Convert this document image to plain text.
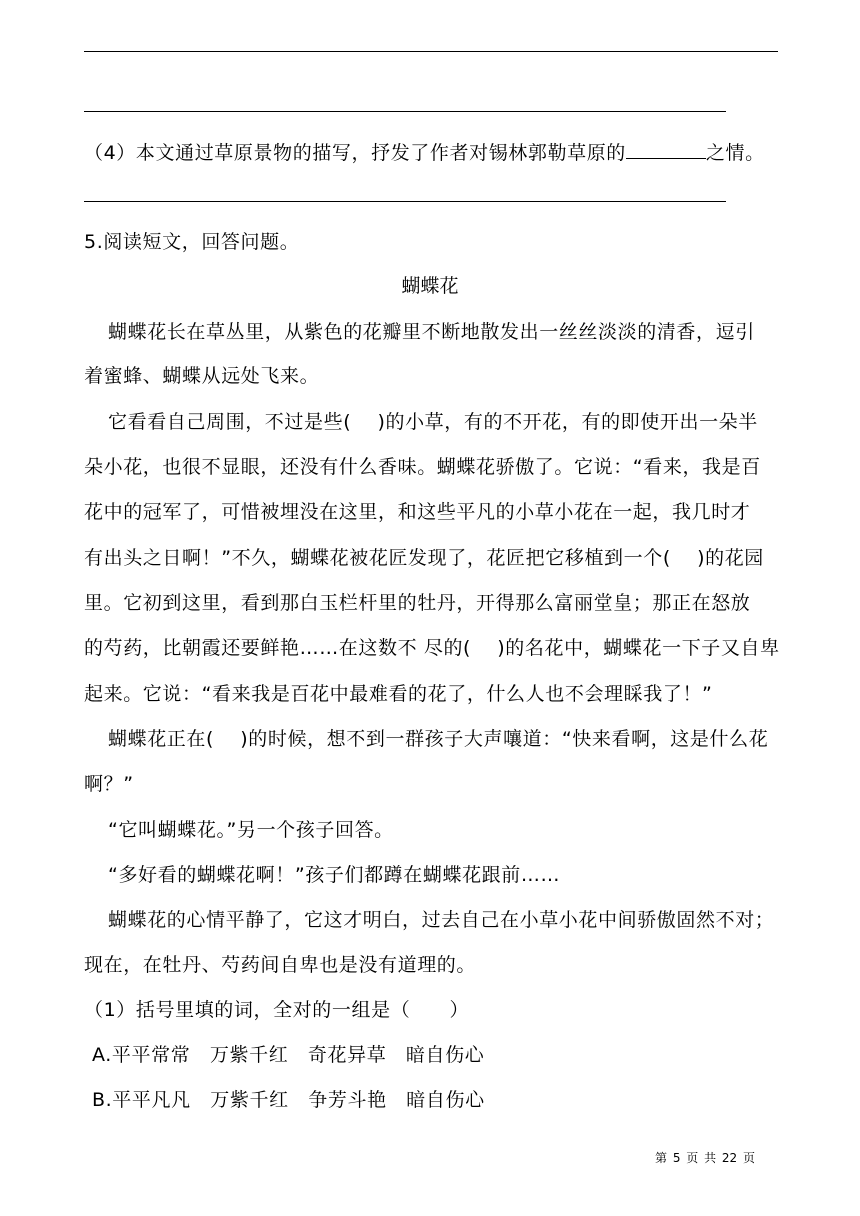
（4）本文通过草原景物的描写，抒发了作者对锡林郭勒草原的	之情。
5.阅读短文，回答问题。
蝴蝶花
蝴蝶花长在草丛里，从紫色的花瓣里不断地散发出一丝丝淡淡的清香，逗引
着蜜蜂、蝴蝶从远处飞来。
它看看自己周围，不过是些(　 )的小草，有的不开花，有的即使开出一朵半
朵小花，也很不显眼，还没有什么香味。蝴蝶花骄傲了。它说：“看来，我是百
花中的冠军了，可惜被埋没在这里，和这些平凡的小草小花在一起，我几时才
有出头之日啊！”不久，蝴蝶花被花匠发现了，花匠把它移植到一个(　 )的花园
里。它初到这里，看到那白玉栏杆里的牡丹，开得那么富丽堂皇；那正在怒放
的芍药，比朝霞还要鲜艳……在这数不 尽的(　 )的名花中，蝴蝶花一下子又自卑
起来。它说：“看来我是百花中最难看的花了，什么人也不会理睬我了！”
蝴蝶花正在(　 )的时候，想不到一群孩子大声嚷道：“快来看啊，这是什么花
啊？”
“它叫蝴蝶花。”另一个孩子回答。
“多好看的蝴蝶花啊！”孩子们都蹲在蝴蝶花跟前……
蝴蝶花的心情平静了，它这才明白，过去自己在小草小花中间骄傲固然不对；
现在，在牡丹、芍药间自卑也是没有道理的。
（1）括号里填的词，全对的一组是（　　）
A.平平常常　万紫千红　奇花异草　暗自伤心
B.平平凡凡　万紫千红　争芳斗艳　暗自伤心
第 5 页 共 22 页
